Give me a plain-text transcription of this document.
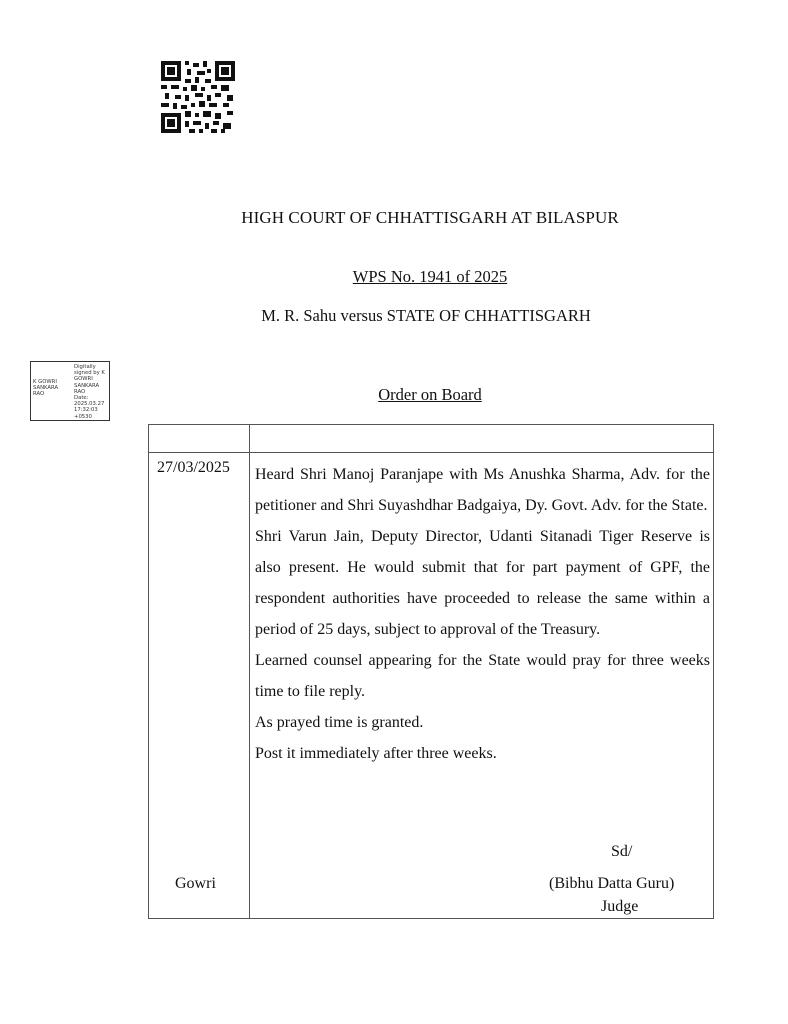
HIGH COURT OF CHHATTISGARH AT BILASPUR
WPS No. 1941 of 2025
M. R. Sahu versus STATE OF CHHATTISGARH
K GOWRI
SANKARA
RAO
Digitally
signed by K
GOWRI
SANKARA
RAO
Date:
2025.03.27
17:32:03
+0530
Order on Board
27/03/2025 Heard Shri Manoj Paranjape with Ms Anushka Sharma, Adv. for the petitioner and Shri Suyashdhar Badgaiya, Dy. Govt. Adv. for the State.

Shri Varun Jain, Deputy Director, Udanti Sitanadi Tiger Reserve is also present. He would submit that for part payment of GPF, the respondent authorities have proceeded to release the same within a period of 25 days, subject to approval of the Treasury.

Learned counsel appearing for the State would pray for three weeks time to file reply.

As prayed time is granted.

Post it immediately after three weeks.

Sd/
Gowri	(Bibhu Datta Guru)
Judge
